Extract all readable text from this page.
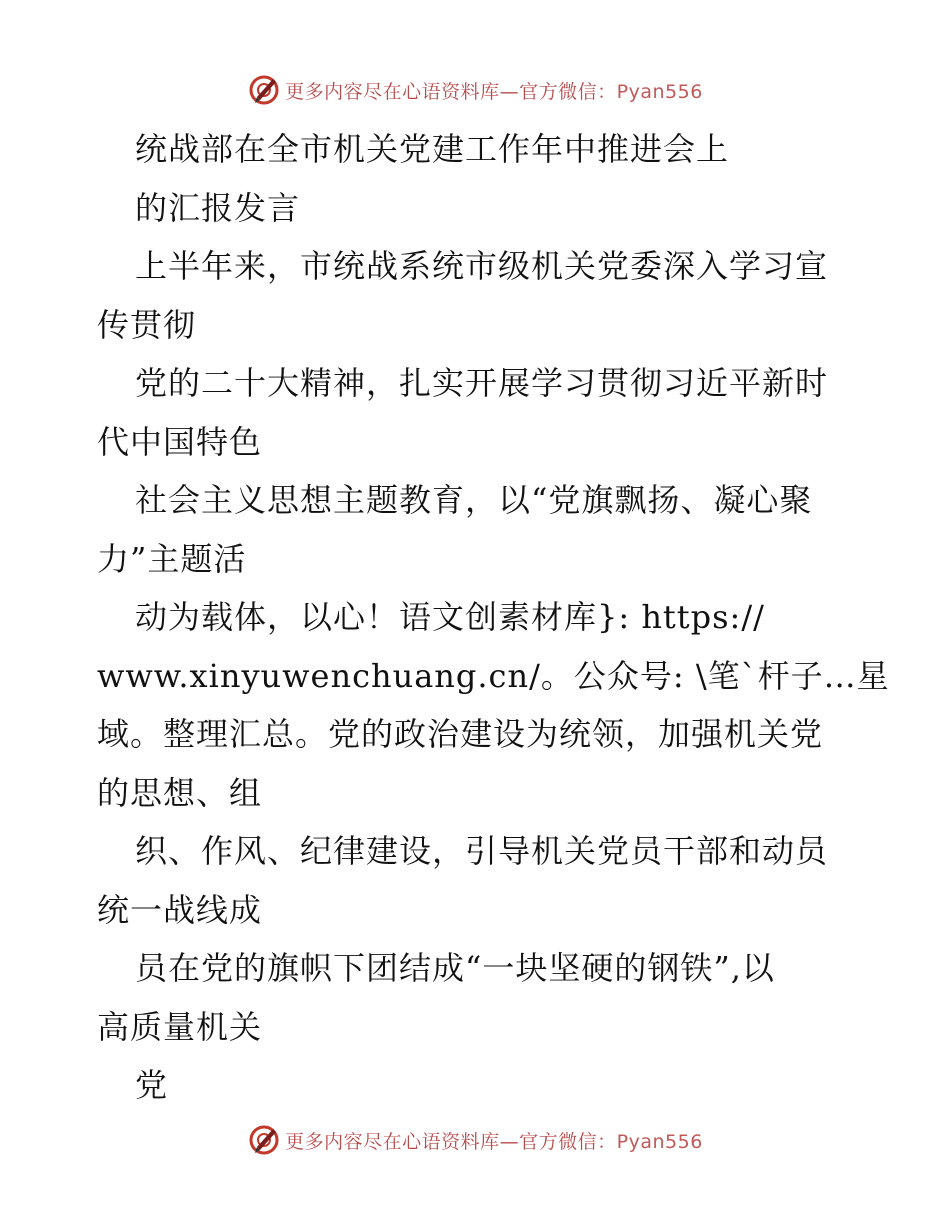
更多内容尽在心语资料库—官方微信：Pyan556
统战部在全市机关党建工作年中推进会上
的汇报发言
上半年来，市统战系统市级机关党委深入学习宣
传贯彻
党的二十大精神，扎实开展学习贯彻习近平新时
代中国特色
社会主义思想主题教育，以“党旗飘扬、凝心聚
力”主题活
动为载体，以心！语文创素材库}: https://
www.xinyuwenchuang.cn/。公众号: \笔`杆子…星
域。整理汇总。党的政治建设为统领，加强机关党
的思想、组
织、作风、纪律建设，引导机关党员干部和动员
统一战线成
员在党的旗帜下团结成“一块坚硬的钢铁”,以
高质量机关
党
更多内容尽在心语资料库—官方微信：Pyan556
